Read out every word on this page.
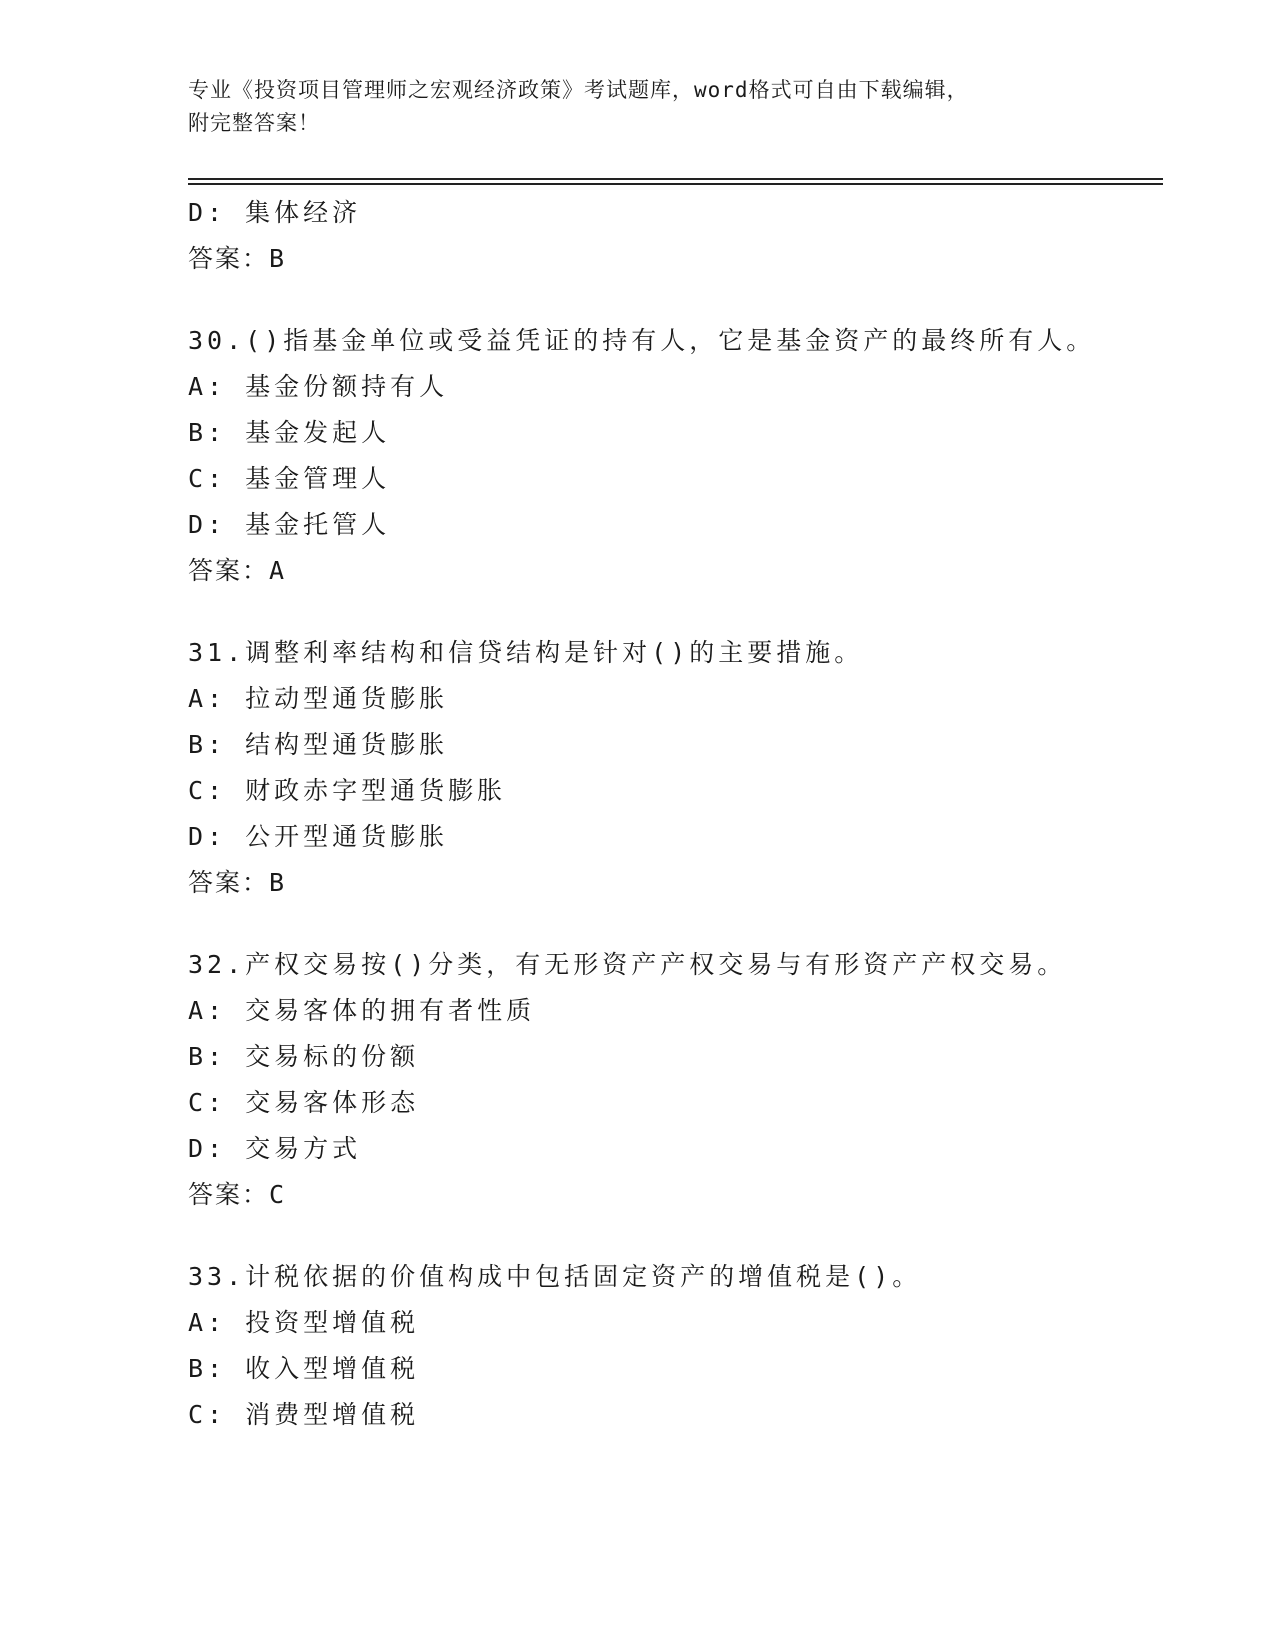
专业《投资项目管理师之宏观经济政策》考试题库，word格式可自由下载编辑，
附完整答案！
D: 集体经济
答案：B
30.()指基金单位或受益凭证的持有人，它是基金资产的最终所有人。
A: 基金份额持有人
B: 基金发起人
C: 基金管理人
D: 基金托管人
答案：A
31.调整利率结构和信贷结构是针对()的主要措施。
A: 拉动型通货膨胀
B: 结构型通货膨胀
C: 财政赤字型通货膨胀
D: 公开型通货膨胀
答案：B
32.产权交易按()分类，有无形资产产权交易与有形资产产权交易。
A: 交易客体的拥有者性质
B: 交易标的份额
C: 交易客体形态
D: 交易方式
答案：C
33.计税依据的价值构成中包括固定资产的增值税是()。
A: 投资型增值税
B: 收入型增值税
C: 消费型增值税
